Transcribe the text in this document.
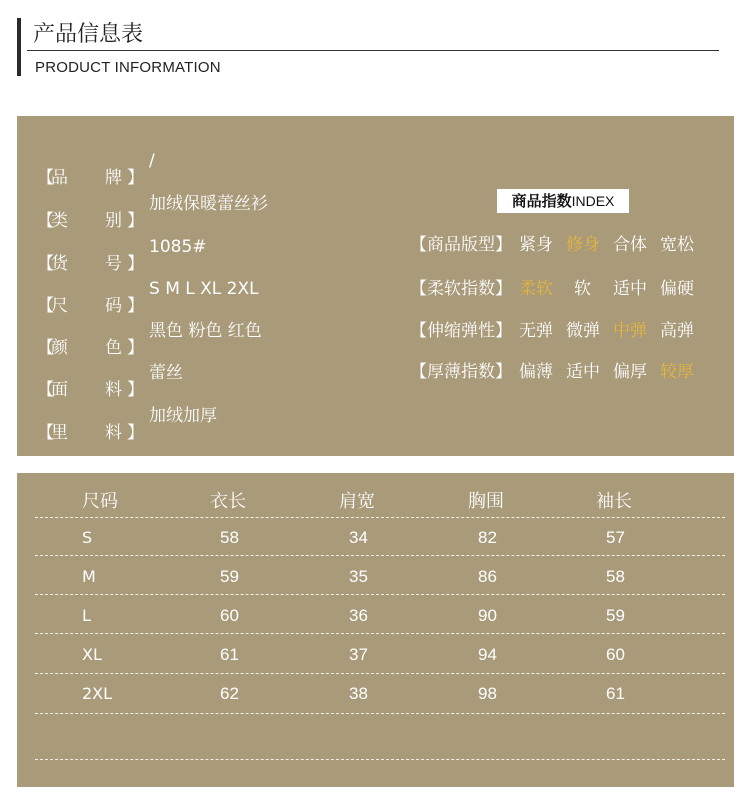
产品信息表
PRODUCT INFORMATION
【
品 牌 】
/
【
类 别 】
加绒保暖蕾丝衫
【
货 号 】
1085#
【
尺 码 】
S M L XL 2XL
【
颜 色 】
黑色 粉色 红色
【
面 料 】
蕾丝
【
里 料 】
加绒加厚
商品指数INDEX
【商品版型】 紧身 修身 合体 宽松
【柔软指数】 柔软 软 适中 偏硬
【伸缩弹性】 无弹 微弹 中弹 高弹
【厚薄指数】 偏薄 适中 偏厚 较厚
尺码	衣长	肩宽	胸围	袖长
S	58	34	82	57
M	59	35	86	58
L	60	36	90	59
XL	61	37	94	60
2XL	62	38	98	61
